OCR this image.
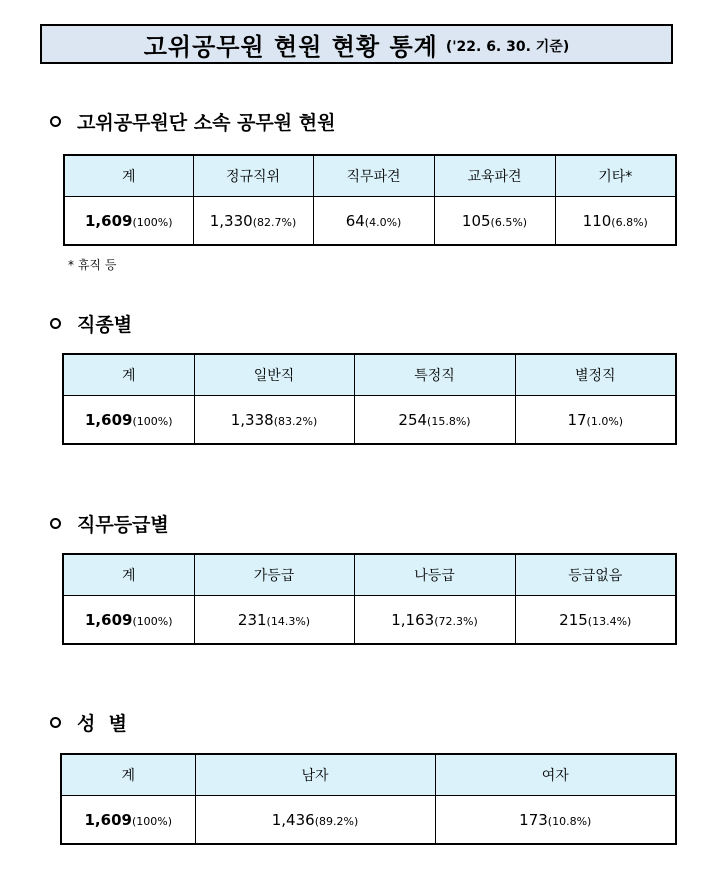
고위공무원 현원 현황 통계 ('22. 6. 30. 기준)
고위공무원단 소속 공무원 현원
계	정규직위	직무파견	교육파견	기타*
1,609(100%)	1,330(82.7%)	64(4.0%)	105(6.5%)	110(6.8%)
* 휴직 등
직종별
계	일반직	특정직	별정직
1,609(100%)	1,338(83.2%)	254(15.8%)	17(1.0%)
직무등급별
계	가등급	나등급	등급없음
1,609(100%)	231(14.3%)	1,163(72.3%)	215(13.4%)
성  별
계	남자	여자
1,609(100%)	1,436(89.2%)	173(10.8%)
